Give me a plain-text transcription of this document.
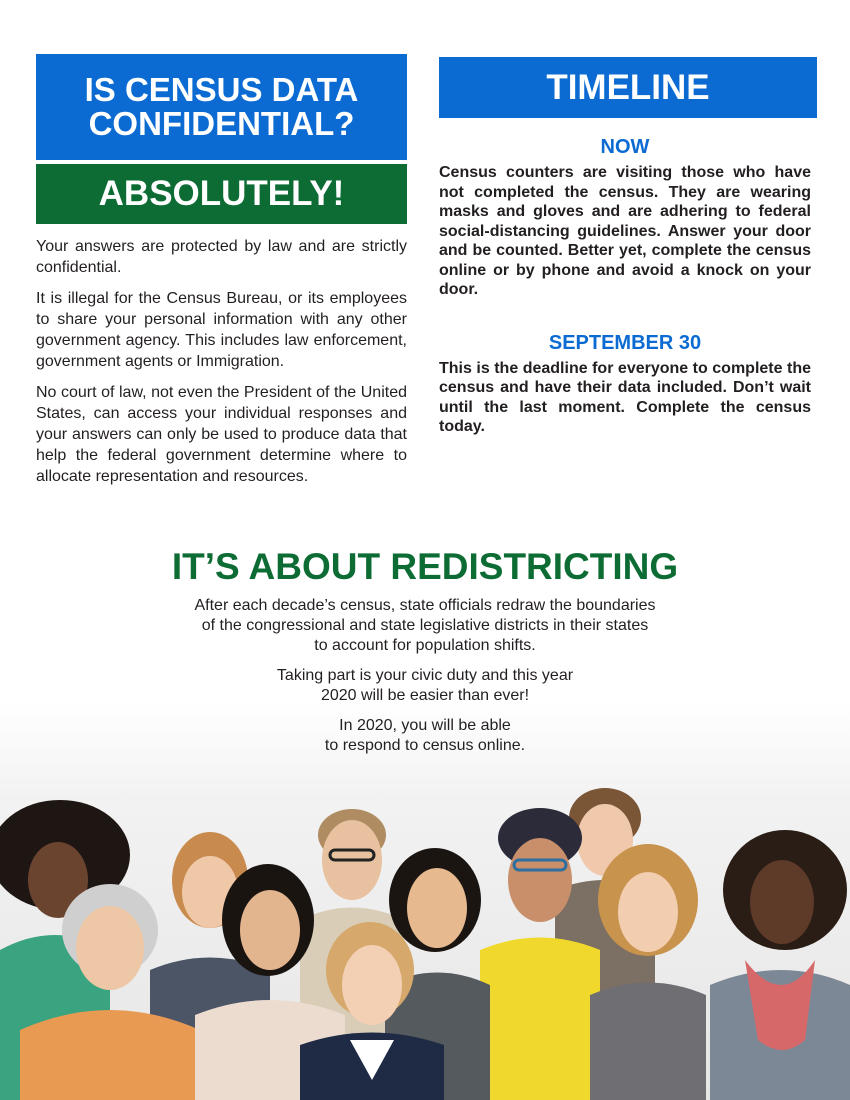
IS CENSUS DATA CONFIDENTIAL?
ABSOLUTELY!

Your answers are protected by law and are strictly confidential.

It is illegal for the Census Bureau, or its employees to share your personal information with any other government agency. This includes law enforcement, government agents or Immigration.

No court of law, not even the President of the United States, can access your individual responses and your answers can only be used to produce data that help the federal government determine where to allocate representation and resources.

TIMELINE
NOW
Census counters are visiting those who have not completed the census. They are wearing masks and gloves and are adhering to federal social-distancing guidelines. Answer your door and be counted. Better yet, complete the census online or by phone and avoid a knock on your door.
SEPTEMBER 30
This is the deadline for everyone to complete the census and have their data included. Don’t wait until the last moment. Complete the census today.
IT’S ABOUT REDISTRICTING

After each decade’s census, state officials redraw the boundaries
of the congressional and state legislative districts in their states
to account for population shifts.

Taking part is your civic duty and this year
2020 will be easier than ever!

In 2020, you will be able
to respond to census online.
